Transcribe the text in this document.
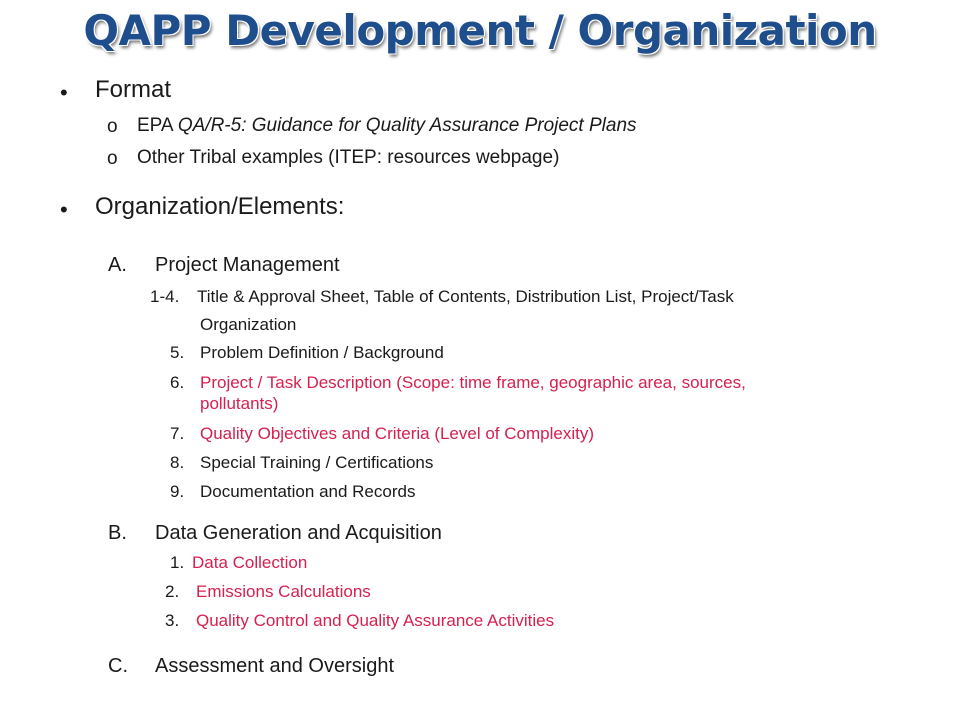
QAPP Development / Organization
• Format
o EPA QA/R-5: Guidance for Quality Assurance Project Plans
o Other Tribal examples (ITEP: resources webpage)
• Organization/Elements:
A. Project Management
1-4. Title & Approval Sheet, Table of Contents, Distribution List, Project/Task
Organization
5. Problem Definition / Background
6. Project / Task Description (Scope: time frame, geographic area, sources,
pollutants)
7. Quality Objectives and Criteria (Level of Complexity)
8. Special Training / Certifications
9. Documentation and Records
B. Data Generation and Acquisition
1. Data Collection
2. Emissions Calculations
3. Quality Control and Quality Assurance Activities
C. Assessment and Oversight
